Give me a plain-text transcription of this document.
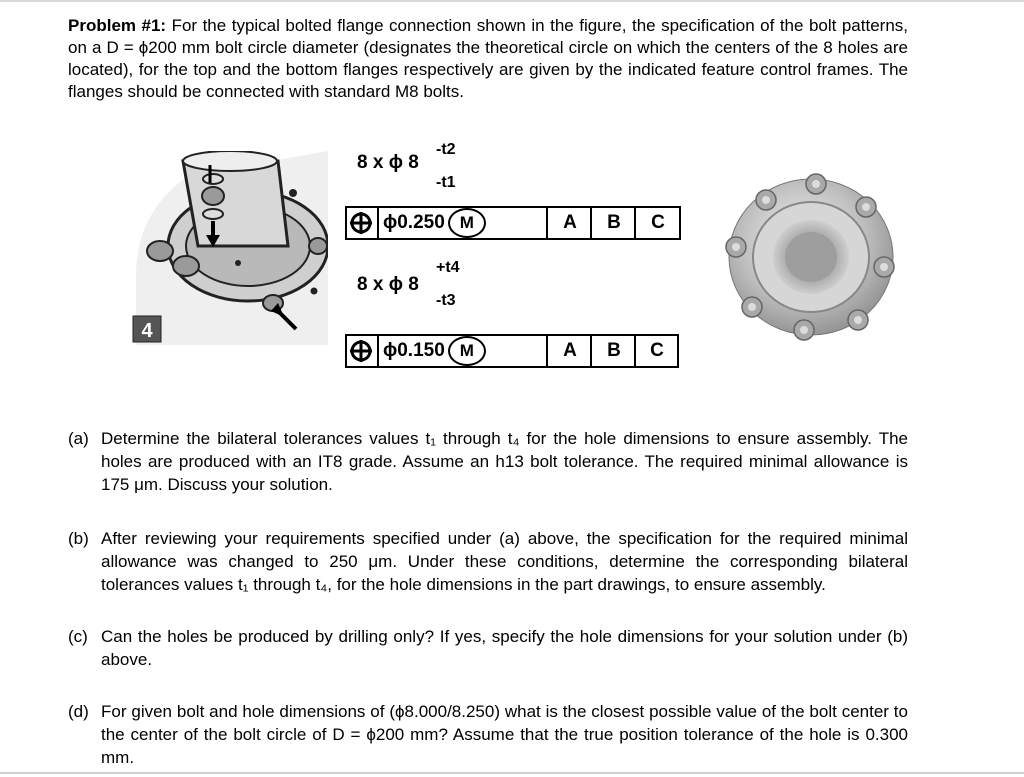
Problem #1: For the typical bolted flange connection shown in the figure, the specification of the bolt patterns, on a D = ϕ200 mm bolt circle diameter (designates the theoretical circle on which the centers of the 8 holes are located), for the top and the bottom flanges respectively are given by the indicated feature control frames. The flanges should be connected with standard M8 bolts.
4
8 x ϕ 8
-t2
-t1
ϕ0.250 M	A	B	C
8 x ϕ 8
+t4
-t3
ϕ0.150 M	A	B	C
(a) Determine the bilateral tolerances values t₁ through t₄ for the hole dimensions to ensure assembly. The holes are produced with an IT8 grade. Assume an h13 bolt tolerance. The required minimal allowance is 175 μm. Discuss your solution.
(b) After reviewing your requirements specified under (a) above, the specification for the required minimal allowance was changed to 250 μm. Under these conditions, determine the corresponding bilateral tolerances values t₁ through t₄, for the hole dimensions in the part drawings, to ensure assembly.
(c) Can the holes be produced by drilling only? If yes, specify the hole dimensions for your solution under (b) above.
(d) For given bolt and hole dimensions of (ϕ8.000/8.250) what is the closest possible value of the bolt center to the center of the bolt circle of D = ϕ200 mm? Assume that the true position tolerance of the hole is 0.300 mm.
